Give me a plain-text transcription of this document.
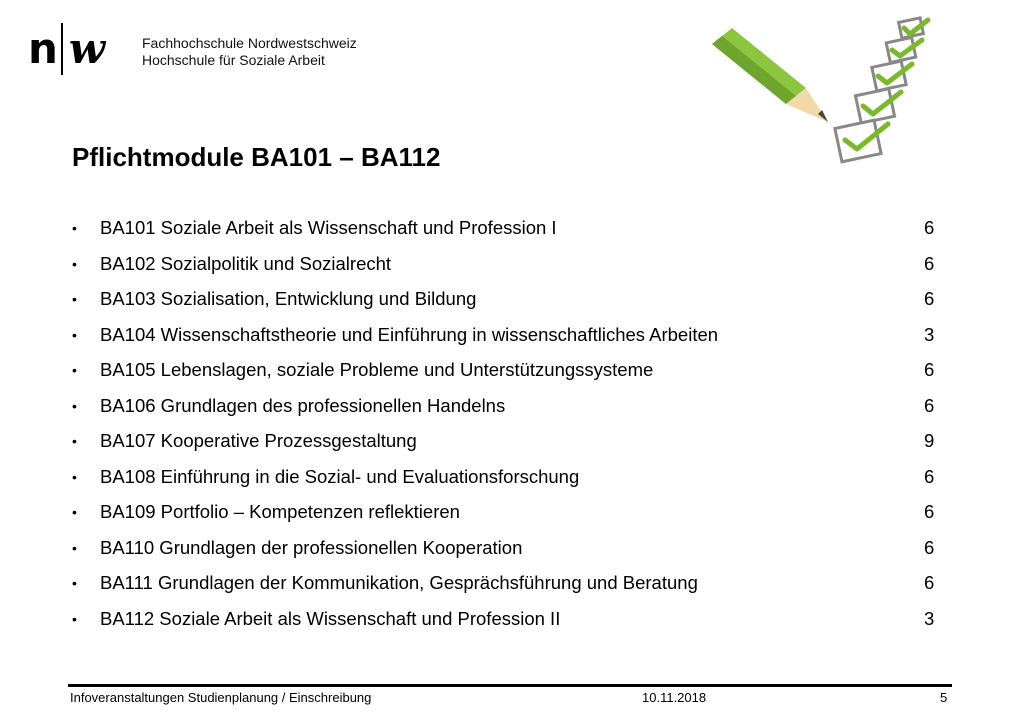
n w	Fachhochschule Nordwestschweiz
Hochschule für Soziale Arbeit
Pflichtmodule BA101 – BA112
•	BA101 Soziale Arbeit als Wissenschaft und Profession I	6
•	BA102 Sozialpolitik und Sozialrecht	6
•	BA103 Sozialisation, Entwicklung und Bildung	6
•	BA104 Wissenschaftstheorie und Einführung in wissenschaftliches Arbeiten	3
•	BA105 Lebenslagen, soziale Probleme und Unterstützungssysteme	6
•	BA106 Grundlagen des professionellen Handelns	6
•	BA107 Kooperative Prozessgestaltung	9
•	BA108 Einführung in die Sozial- und Evaluationsforschung	6
•	BA109 Portfolio – Kompetenzen reflektieren	6
•	BA110 Grundlagen der professionellen Kooperation	6
•	BA111 Grundlagen der Kommunikation, Gesprächsführung und Beratung	6
•	BA112 Soziale Arbeit als Wissenschaft und Profession II	3
Infoveranstaltungen Studienplanung / Einschreibung	10.11.2018	5
